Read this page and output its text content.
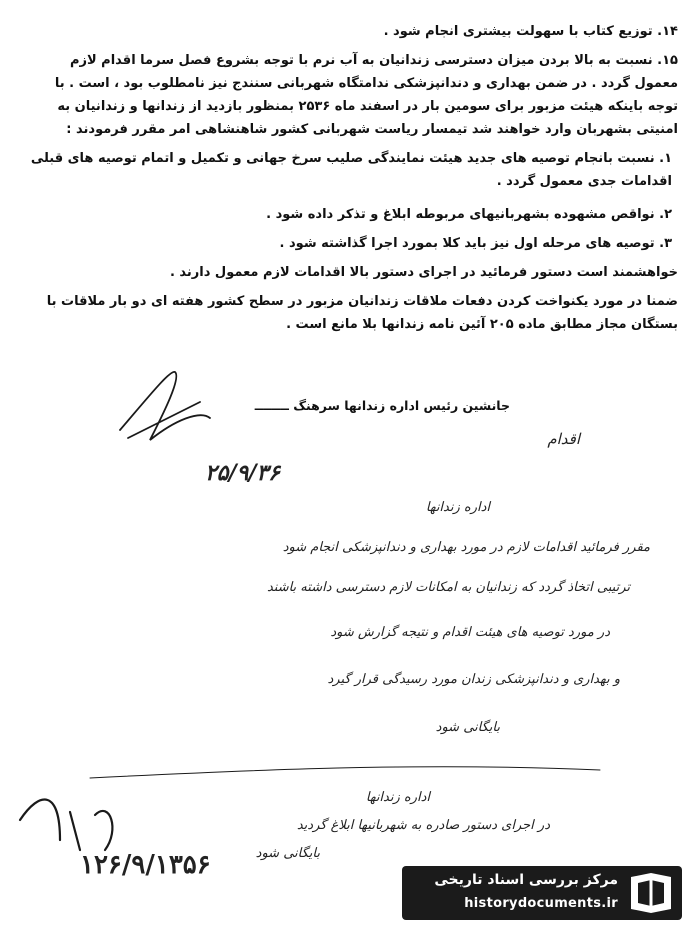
۱۴. توزیع کتاب با سهولت بیشتری انجام شود .

۱۵. نسبت به بالا بردن میزان دسترسی زندانیان به آب نرم با توجه بشروع فصل سرما اقدام لازم معمول گردد . در ضمن بهداری و دندانپزشکی ندامتگاه شهربانی سنندج نیز نامطلوب بود ، است . با توجه باینکه هیئت مزبور برای سومین بار در اسفند ماه ۲۵۳۶ بمنظور بازدید از زندانها و زندانیان به امنیتی بشهربان وارد خواهند شد تیمسار ریاست شهربانی کشور شاهنشاهی امر مقرر فرمودند :

۱. نسبت بانجام توصیه های جدید هیئت نمایندگی صلیب سرخ جهانی و تکمیل و اتمام توصیه های قبلی اقدامات جدی معمول گردد .

۲. نواقص مشهوده بشهربانیهای مربوطه ابلاغ و تذکر داده شود .

۳. توصیه های مرحله اول نیز باید کلا بمورد اجرا گذاشته شود .

خواهشمند است دستور فرمائید در اجرای دستور بالا اقدامات لازم معمول دارند .

ضمنا در مورد یکنواخت کردن دفعات ملاقات زندانیان مزبور در سطح کشور هفته ای دو بار ملاقات با بستگان مجاز مطابق ماده ۲۰۵ آئین نامه زندانها بلا مانع است .

جانشین رئیس اداره زندانها سرهنگ ــــــــ
اقدام
۲۵/۹/۳۶
اداره زندانها
مقرر فرمائید اقدامات لازم در مورد بهداری و دندانپزشکی انجام شود
ترتیبی اتخاذ گردد که زندانیان به امکانات لازم دسترسی داشته باشند
در مورد توصیه های هیئت اقدام و نتیجه گزارش شود
و بهداری و دندانپزشکی زندان مورد رسیدگی قرار گیرد
بایگانی شود
۱۲۶/۹/۱۳۵۶
اداره زندانها
در اجرای دستور صادره به شهربانیها ابلاغ گردید
بایگانی شود
مرکز بررسی اسناد تاریخی
historydocuments.ir
